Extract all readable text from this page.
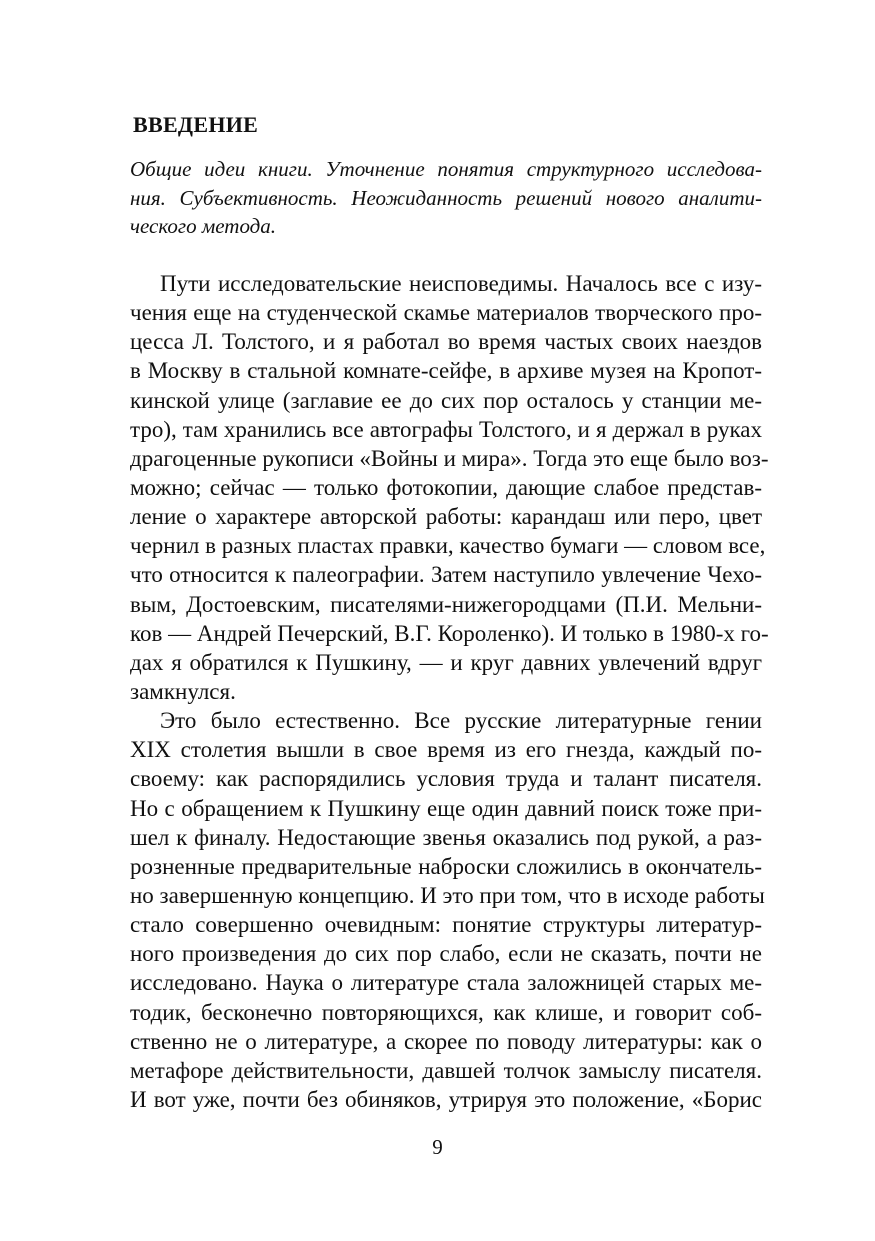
ВВЕДЕНИЕ
Общие идеи книги. Уточнение понятия структурного исследова-
ния. Субъективность. Неожиданность решений нового аналити-
ческого метода.
Пути исследовательские неисповедимы. Началось все с изу-
чения еще на студенческой скамье материалов творческого про-
цесса Л. Толстого, и я работал во время частых своих наездов
в Москву в стальной комнате-сейфе, в архиве музея на Кропот-
кинской улице (заглавие ее до сих пор осталось у станции ме-
тро), там хранились все автографы Толстого, и я держал в руках
драгоценные рукописи «Войны и мира». Тогда это еще было воз-
можно; сейчас — только фотокопии, дающие слабое представ-
ление о характере авторской работы: карандаш или перо, цвет
чернил в разных пластах правки, качество бумаги — словом все,
что относится к палеографии. Затем наступило увлечение Чехо-
вым, Достоевским, писателями-нижегородцами (П.И. Мельни-
ков — Андрей Печерский, В.Г. Короленко). И только в 1980-х го-
дах я обратился к Пушкину, — и круг давних увлечений вдруг
замкнулся.
Это было естественно. Все русские литературные гении
XIX столетия вышли в свое время из его гнезда, каждый по-
своему: как распорядились условия труда и талант писателя.
Но с обращением к Пушкину еще один давний поиск тоже при-
шел к финалу. Недостающие звенья оказались под рукой, а раз-
розненные предварительные наброски сложились в окончатель-
но завершенную концепцию. И это при том, что в исходе работы
стало совершенно очевидным: понятие структуры литератур-
ного произведения до сих пор слабо, если не сказать, почти не
исследовано. Наука о литературе стала заложницей старых ме-
тодик, бесконечно повторяющихся, как клише, и говорит соб-
ственно не о литературе, а скорее по поводу литературы: как о
метафоре действительности, давшей толчок замыслу писателя.
И вот уже, почти без обиняков, утрируя это положение, «Борис
9
